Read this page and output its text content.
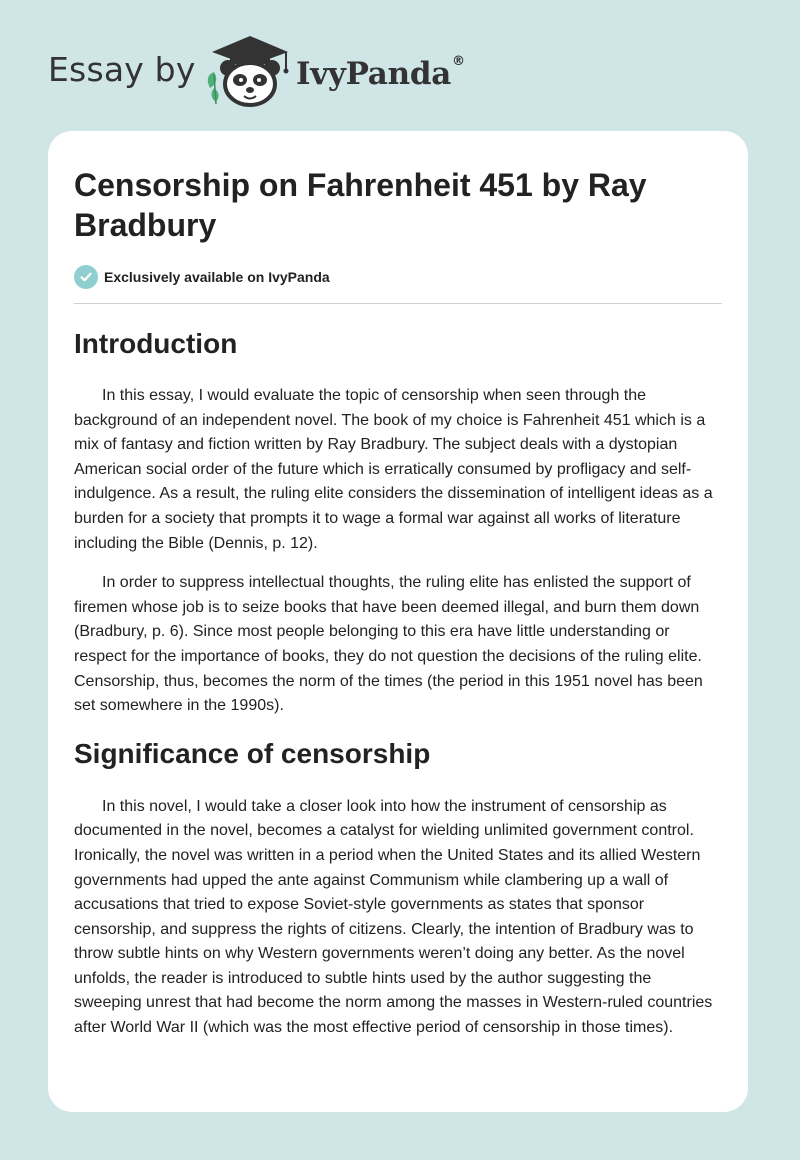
Essay by	IvyPanda®
Censorship on Fahrenheit 451 by Ray Bradbury
Exclusively available on IvyPanda
Introduction

In this essay, I would evaluate the topic of censorship when seen through the background of an independent novel. The book of my choice is Fahrenheit 451 which is a mix of fantasy and fiction written by Ray Bradbury. The subject deals with a dystopian American social order of the future which is erratically consumed by profligacy and self-indulgence. As a result, the ruling elite considers the dissemination of intelligent ideas as a burden for a society that prompts it to wage a formal war against all works of literature including the Bible (Dennis, p. 12).

In order to suppress intellectual thoughts, the ruling elite has enlisted the support of firemen whose job is to seize books that have been deemed illegal, and burn them down (Bradbury, p. 6). Since most people belonging to this era have little understanding or respect for the importance of books, they do not question the decisions of the ruling elite. Censorship, thus, becomes the norm of the times (the period in this 1951 novel has been set somewhere in the 1990s).

Significance of censorship

In this novel, I would take a closer look into how the instrument of censorship as documented in the novel, becomes a catalyst for wielding unlimited government control. Ironically, the novel was written in a period when the United States and its allied Western governments had upped the ante against Communism while clambering up a wall of accusations that tried to expose Soviet-style governments as states that sponsor censorship, and suppress the rights of citizens. Clearly, the intention of Bradbury was to throw subtle hints on why Western governments weren’t doing any better. As the novel unfolds, the reader is introduced to subtle hints used by the author suggesting the sweeping unrest that had become the norm among the masses in Western-ruled countries after World War II (which was the most effective period of censorship in those times).
